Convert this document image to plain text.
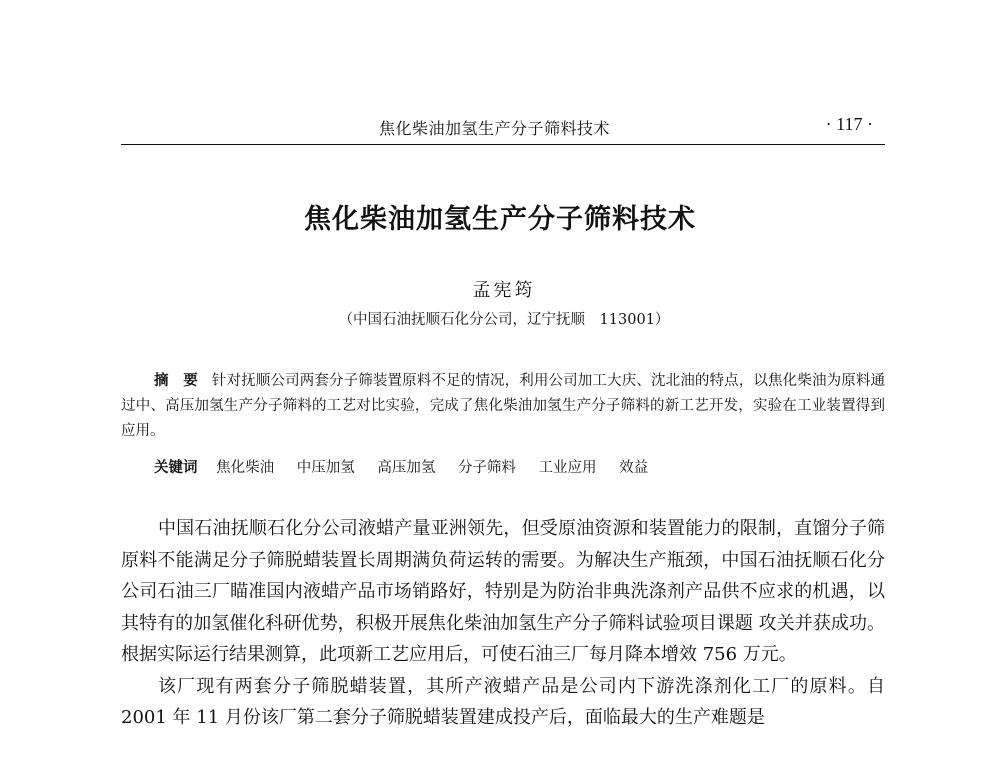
焦化柴油加氢生产分子筛料技术	· 117 ·
焦化柴油加氢生产分子筛料技术
孟宪筠
（中国石油抚顺石化分公司，辽宁抚顺　113001）
摘　要 针对抚顺公司两套分子筛装置原料不足的情况，利用公司加工大庆、沈北油的特点，以焦化柴油为原料通过中、高压加氢生产分子筛料的工艺对比实验，完成了焦化柴油加氢生产分子筛料的新工艺开发，实验在工业装置得到应用。
关键词 焦化柴油 中压加氢 高压加氢 分子筛料 工业应用 效益

中国石油抚顺石化分公司液蜡产量亚洲领先，但受原油资源和装置能力的限制，直馏分子筛原料不能满足分子筛脱蜡装置长周期满负荷运转的需要。为解决生产瓶颈，中国石油抚顺石化分公司石油三厂瞄准国内液蜡产品市场销路好，特别是为防治非典洗涤剂产品供不应求的机遇，以其特有的加氢催化科研优势，积极开展焦化柴油加氢生产分子筛料试验项目课题 攻关并获成功。根据实际运行结果测算，此项新工艺应用后，可使石油三厂每月降本增效 756 万元。

该厂现有两套分子筛脱蜡装置，其所产液蜡产品是公司内下游洗涤剂化工厂的原料。自 2001 年 11 月份该厂第二套分子筛脱蜡装置建成投产后，面临最大的生产难题是
